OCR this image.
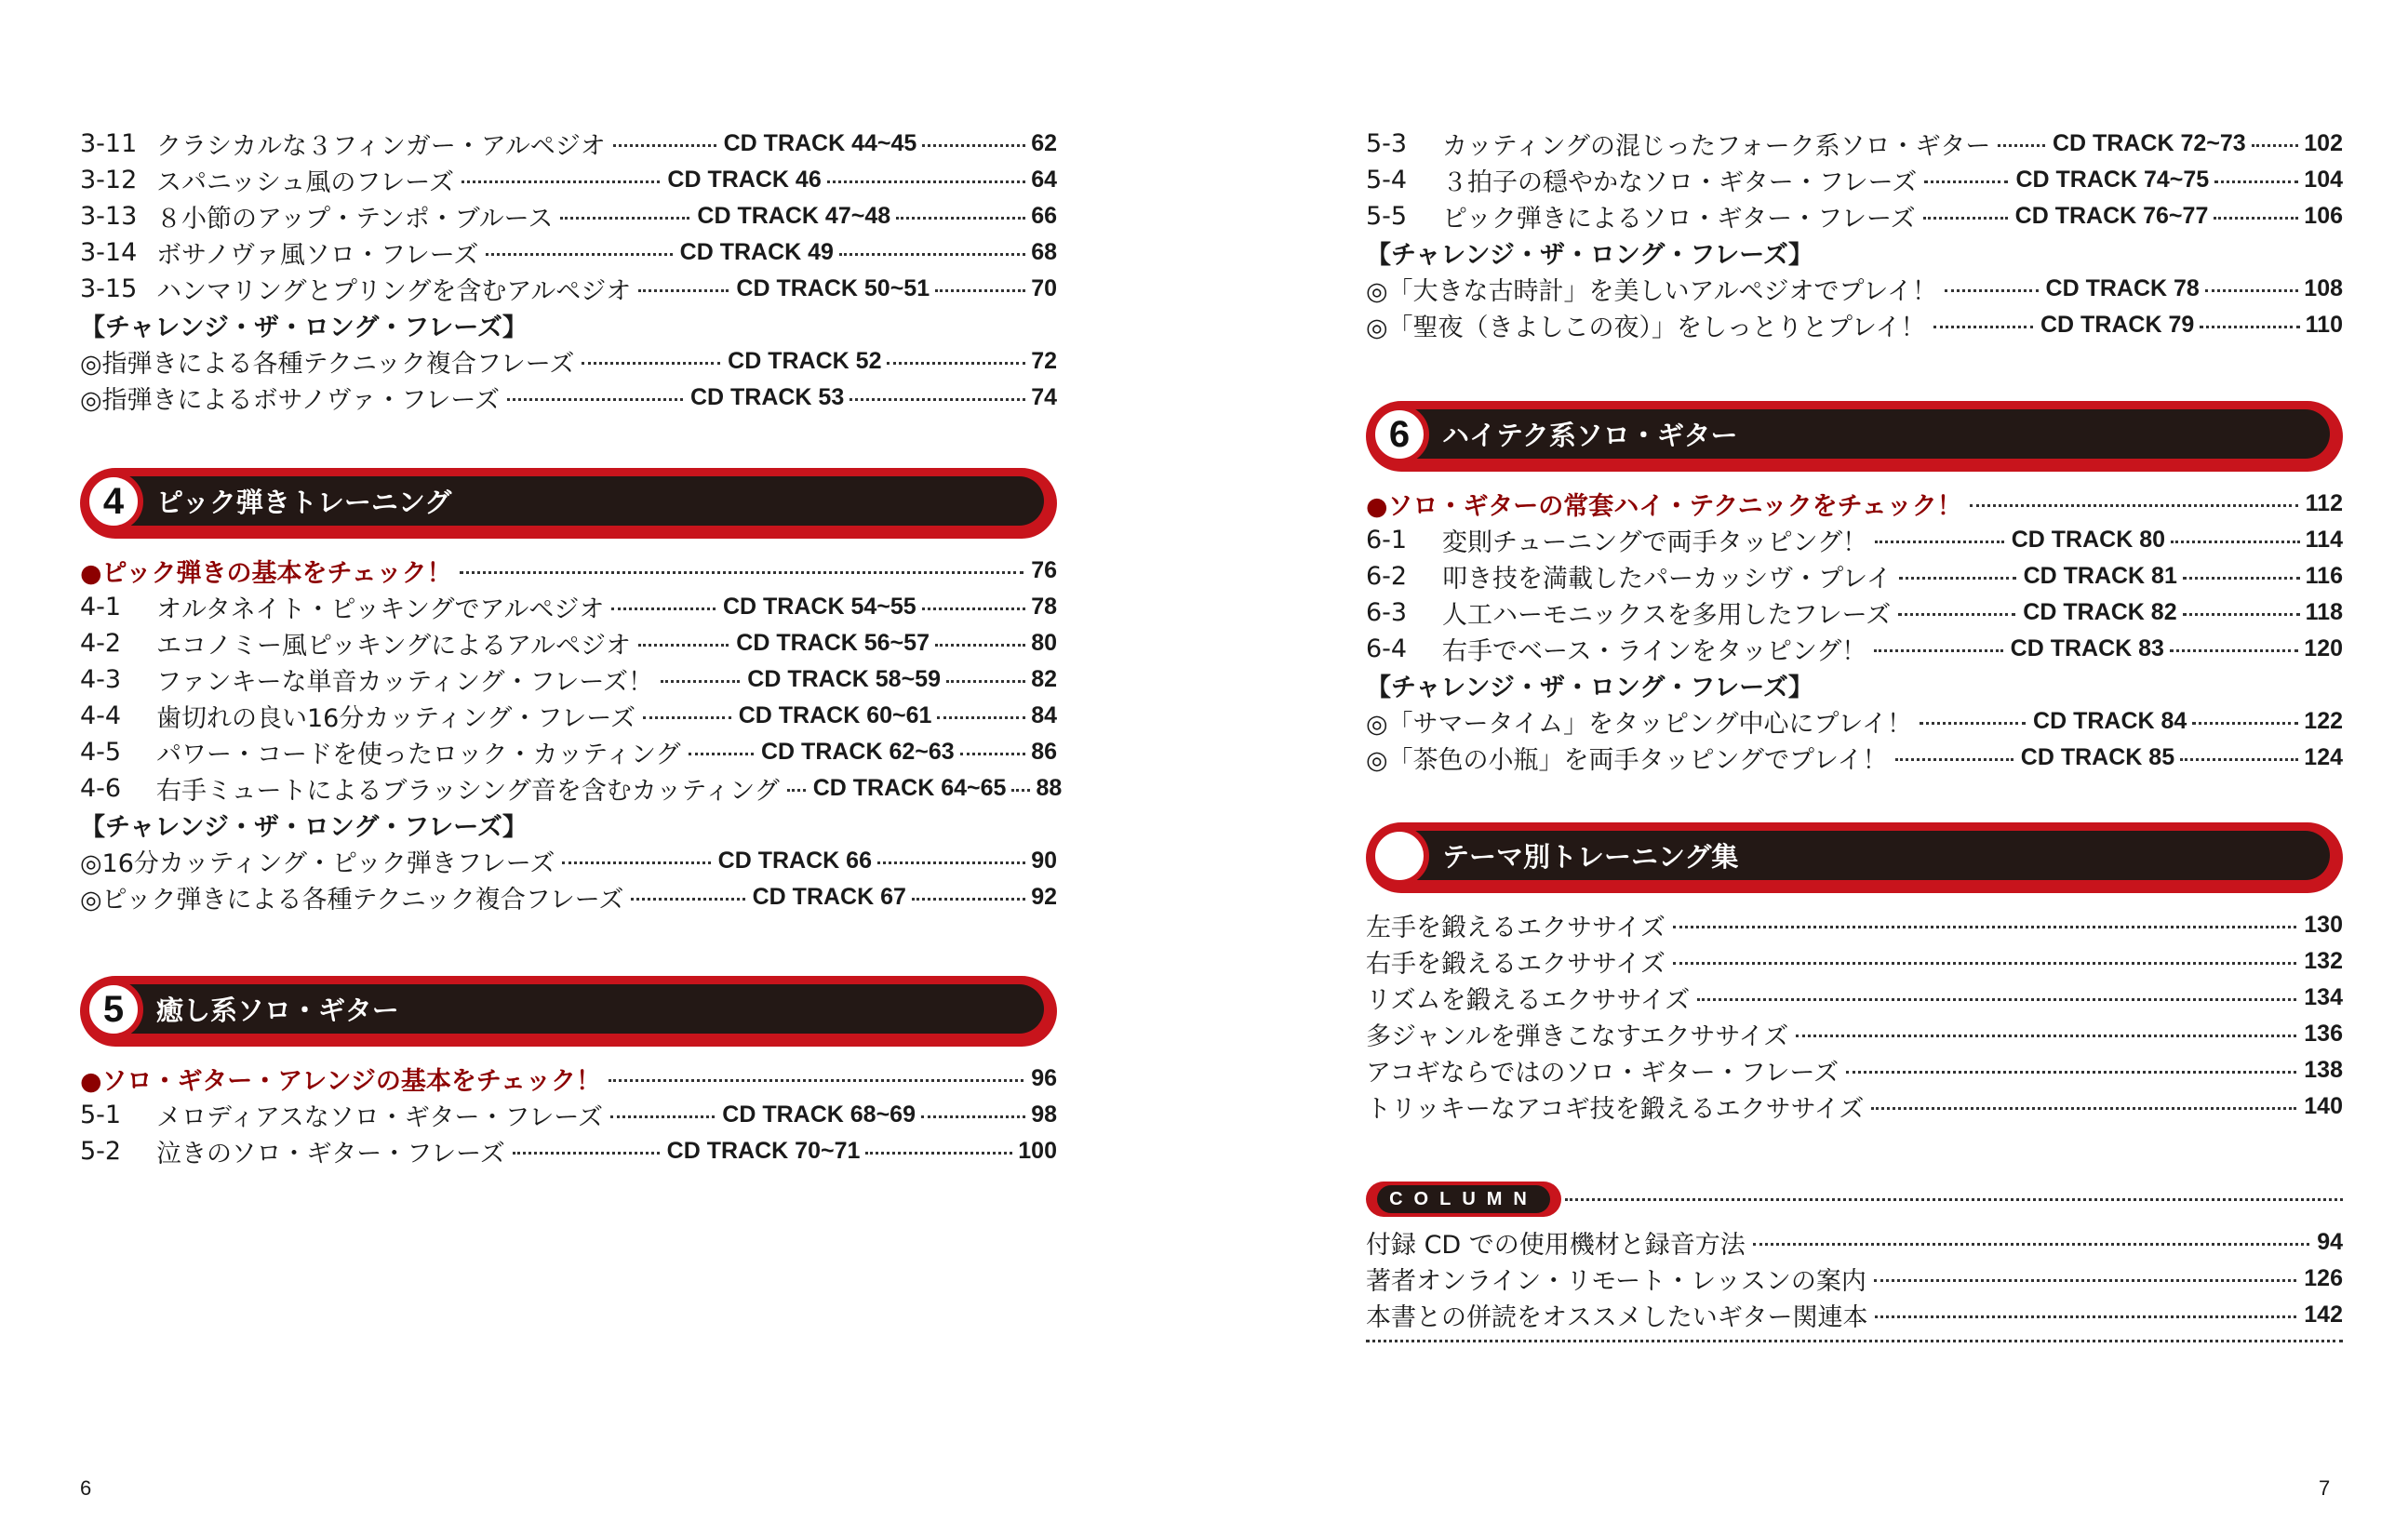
3-11 クラシカルな３フィンガー・アルペジオ	CD TRACK 44~45	62
3-12 スパニッシュ風のフレーズ	CD TRACK 46	64
3-13 ８小節のアップ・テンポ・ブルース	CD TRACK 47~48	66
3-14 ボサノヴァ風ソロ・フレーズ	CD TRACK 49	68
3-15 ハンマリングとプリングを含むアルペジオ	CD TRACK 50~51	70
【チャレンジ・ザ・ロング・フレーズ】
◎指弾きによる各種テクニック複合フレーズ	CD TRACK 52	72
◎指弾きによるボサノヴァ・フレーズ	CD TRACK 53	74
4	ピック弾きトレーニング
●ピック弾きの基本をチェック！	76
4-1	オルタネイト・ピッキングでアルペジオ	CD TRACK 54~55	78
4-2	エコノミー風ピッキングによるアルペジオ	CD TRACK 56~57	80
4-3	ファンキーな単音カッティング・フレーズ！	CD TRACK 58~59	82
4-4	歯切れの良い16分カッティング・フレーズ	CD TRACK 60~61	84
4-5	パワー・コードを使ったロック・カッティング	CD TRACK 62~63	86
4-6	右手ミュートによるブラッシング音を含むカッティング CD TRACK 64~65 88
【チャレンジ・ザ・ロング・フレーズ】
◎16分カッティング・ピック弾きフレーズ	CD TRACK 66	90
◎ピック弾きによる各種テクニック複合フレーズ	CD TRACK 67	92
5	癒し系ソロ・ギター
●ソロ・ギター・アレンジの基本をチェック！	96
5-1	メロディアスなソロ・ギター・フレーズ	CD TRACK 68~69	98
5-2	泣きのソロ・ギター・フレーズ	CD TRACK 70~71	100
6
5-3	カッティングの混じったフォーク系ソロ・ギター	CD TRACK 72~73	102
5-4	３拍子の穏やかなソロ・ギター・フレーズ	CD TRACK 74~75	104
5-5	ピック弾きによるソロ・ギター・フレーズ	CD TRACK 76~77	106
【チャレンジ・ザ・ロング・フレーズ】
◎「大きな古時計」を美しいアルペジオでプレイ！	CD TRACK 78	108
◎「聖夜（きよしこの夜）」をしっとりとプレイ！	CD TRACK 79	110
6	ハイテク系ソロ・ギター
●ソロ・ギターの常套ハイ・テクニックをチェック！	112
6-1	変則チューニングで両手タッピング！	CD TRACK 80	114
6-2	叩き技を満載したパーカッシヴ・プレイ	CD TRACK 81	116
6-3	人工ハーモニックスを多用したフレーズ	CD TRACK 82	118
6-4	右手でベース・ラインをタッピング！	CD TRACK 83	120
【チャレンジ・ザ・ロング・フレーズ】
◎「サマータイム」をタッピング中心にプレイ！	CD TRACK 84	122
◎「茶色の小瓶」を両手タッピングでプレイ！	CD TRACK 85	124
テーマ別トレーニング集
左手を鍛えるエクササイズ	130
右手を鍛えるエクササイズ	132
リズムを鍛えるエクササイズ	134
多ジャンルを弾きこなすエクササイズ	136
アコギならではのソロ・ギター・フレーズ	138
トリッキーなアコギ技を鍛えるエクササイズ	140
COLUMN
付録 CD での使用機材と録音方法	94
著者オンライン・リモート・レッスンの案内	126
本書との併読をオススメしたいギター関連本	142
7
